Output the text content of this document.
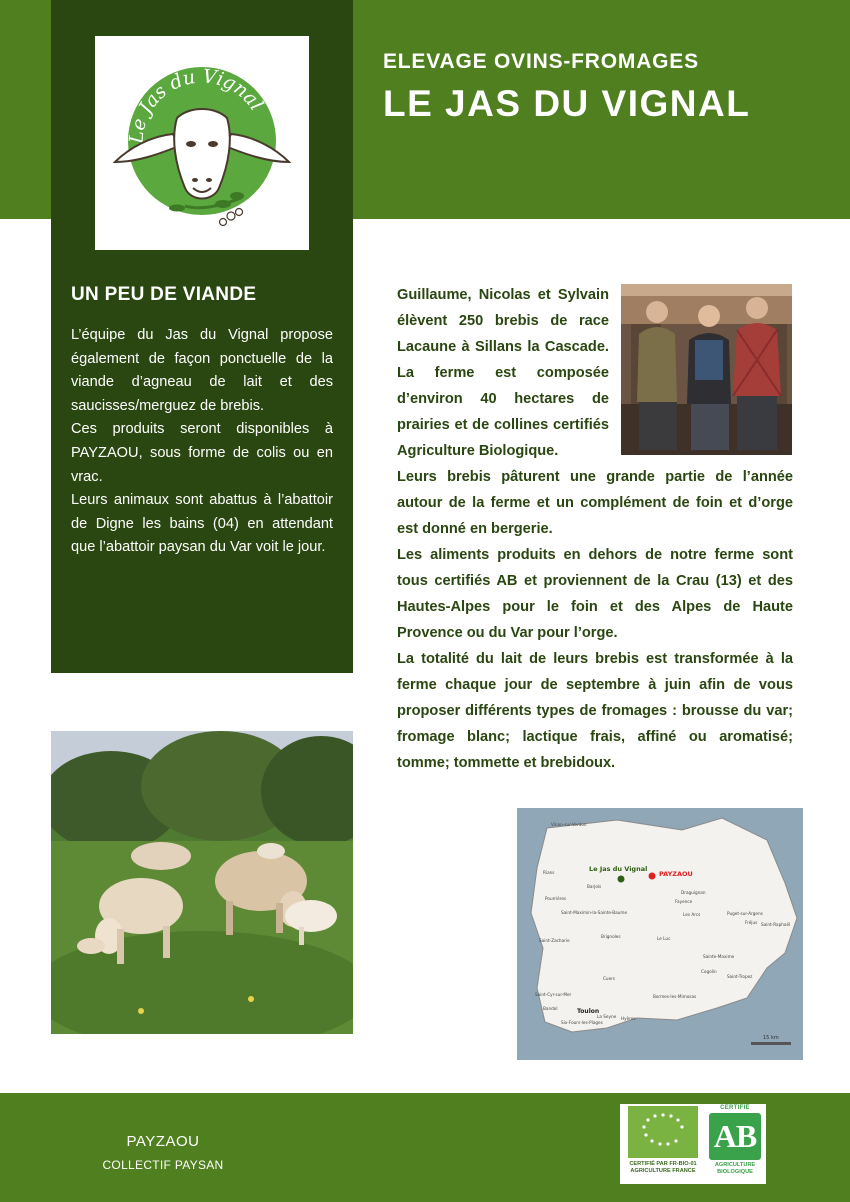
Le Jas du Vignal
ELEVAGE OVINS-FROMAGES
LE JAS DU VIGNAL
UN PEU DE VIANDE

L’équipe du Jas du Vignal propose également de façon ponctuelle de la viande d’agneau de lait et des saucisses/merguez de brebis.

Ces produits seront disponibles à PAYZAOU, sous forme de colis ou en vrac.

Leurs animaux sont abattus à l’abattoir de Digne les bains (04) en attendant que l’abattoir paysan du Var voit le jour.

Guillaume, Nicolas et Sylvain élèvent 250 brebis de race Lacaune à Sillans la Cascade. La ferme est composée d’environ 40 hectares de prairies et de collines certifiés Agriculture Biologique.

Leurs brebis pâturent une grande partie de l’année autour de la ferme et un complément de foin et d’orge est donné en bergerie.

Les aliments produits en dehors de notre ferme sont tous certifiés AB et proviennent de la Crau (13) et des Hautes-Alpes pour le foin et des Alpes de Haute Provence ou du Var pour l’orge.

La totalité du lait de leurs brebis est transformée à la ferme chaque jour de septembre à juin afin de vous proposer différents types de fromages : brousse du var; fromage blanc; lactique frais, affiné ou aromatisé; tomme; tommette et brebidoux.

Le Jas du Vignal
PAYZAOU
Rians
Barjols
Draguignan
Fayence
Saint-Maximin-la-Sainte-Baume
Brignoles	Le Luc
Les Arcs	Puget-sur-Argens
Saint-Raphaël
Fréjus
Saint-Zacharie
Cuers
Sainte-Maxime
Cogolin
Saint-Tropez
Bormes-les-Mimosas
Hyères
Toulon
La Seyne
Bandol
Six-Fours-les-Plages
Saint-Cyr-sur-Mer
Pourrières
Vinon-sur-Verdon
15 km
PAYZAOU
COLLECTIF PAYSAN	CERTIFIÉ PAR FR-BIO-01
AGRICULTURE FRANCE
CERTIFIÉ
AB
AGRICULTURE
BIOLOGIQUE
